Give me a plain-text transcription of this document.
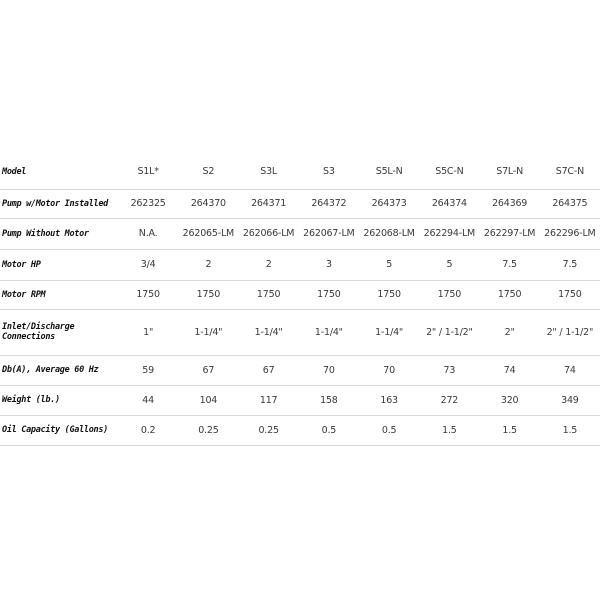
Model	S1L*	S2	S3L	S3	S5L-N	S5C-N	S7L-N	S7C-N
Pump w/Motor Installed	262325	264370	264371	264372	264373	264374	264369	264375
Pump Without Motor	N.A.	262065-LM	262066-LM	262067-LM	262068-LM	262294-LM	262297-LM	262296-LM
Motor HP	3/4	2	2	3	5	5	7.5	7.5
Motor RPM	1750	1750	1750	1750	1750	1750	1750	1750
Inlet/Discharge Connections	1"	1-1/4"	1-1/4"	1-1/4"	1-1/4"	2" / 1-1/2"	2"	2" / 1-1/2"
Db(A), Average 60 Hz	59	67	67	70	70	73	74	74
Weight (lb.)	44	104	117	158	163	272	320	349
Oil Capacity (Gallons)	0.2	0.25	0.25	0.5	0.5	1.5	1.5	1.5
